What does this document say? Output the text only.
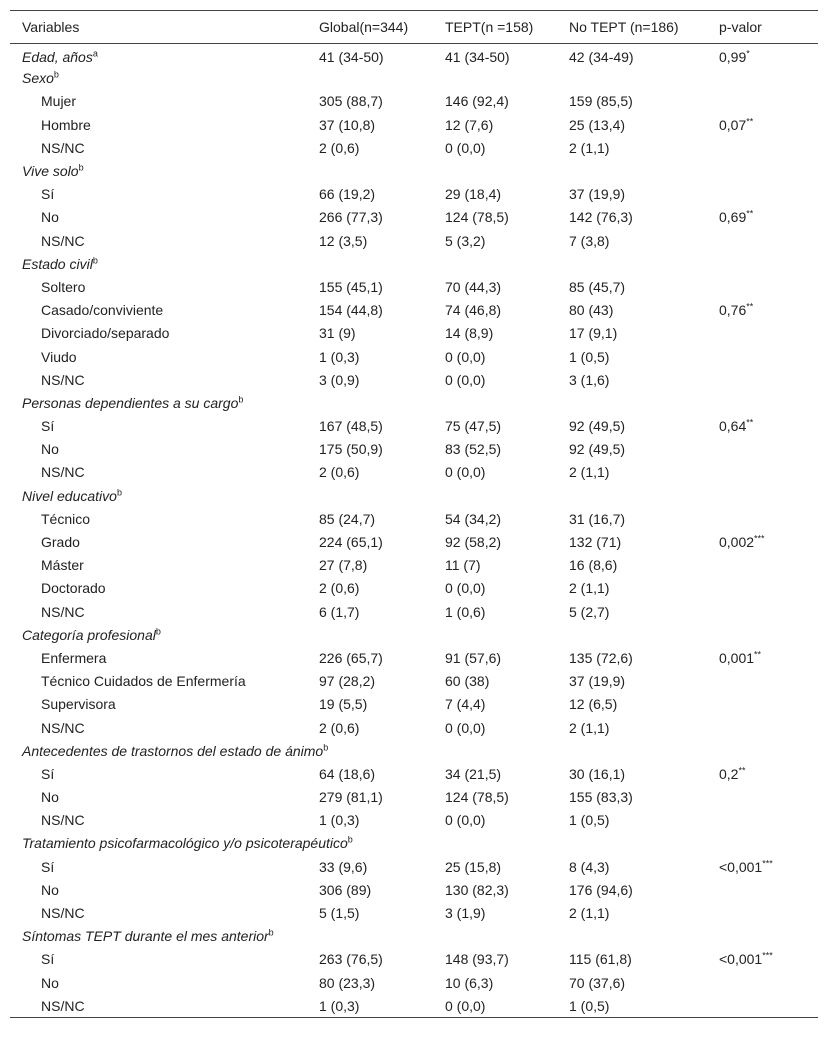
Variables	Global(n=344)	TEPT(n =158)	No TEPT (n=186)	p-valor
Edad, años$^a$	41 (34-50)	41 (34-50)	42 (34-49)	0,99*
Sexo$^b$				
Mujer	305 (88,7)	146 (92,4)	159 (85,5)	
Hombre	37 (10,8)	12 (7,6)	25 (13,4)	0,07**
NS/NC	2 (0,6)	0 (0,0)	2 (1,1)	
Vive solo$^b$				
Sí	66 (19,2)	29 (18,4)	37 (19,9)	
No	266 (77,3)	124 (78,5)	142 (76,3)	0,69**
NS/NC	12 (3,5)	5 (3,2)	7 (3,8)	
Estado civil$^b$				
Soltero	155 (45,1)	70 (44,3)	85 (45,7)	
Casado/conviviente	154 (44,8)	74 (46,8)	80 (43)	0,76**
Divorciado/separado	31 (9)	14 (8,9)	17 (9,1)	
Viudo	1 (0,3)	0 (0,0)	1 (0,5)	
NS/NC	3 (0,9)	0 (0,0)	3 (1,6)	
Personas dependientes a su cargo$^b$				
Sí	167 (48,5)	75 (47,5)	92 (49,5)	0,64**
No	175 (50,9)	83 (52,5)	92 (49,5)	
NS/NC	2 (0,6)	0 (0,0)	2 (1,1)	
Nivel educativo$^b$				
Técnico	85 (24,7)	54 (34,2)	31 (16,7)	
Grado	224 (65,1)	92 (58,2)	132 (71)	0,002***
Máster	27 (7,8)	11 (7)	16 (8,6)	
Doctorado	2 (0,6)	0 (0,0)	2 (1,1)	
NS/NC	6 (1,7)	1 (0,6)	5 (2,7)	
Categoría profesional$^b$				
Enfermera	226 (65,7)	91 (57,6)	135 (72,6)	0,001**
Técnico Cuidados de Enfermería	97 (28,2)	60 (38)	37 (19,9)	
Supervisora	19 (5,5)	7 (4,4)	12 (6,5)	
NS/NC	2 (0,6)	0 (0,0)	2 (1,1)	
Antecedentes de trastornos del estado de ánimo$^b$				
Sí	64 (18,6)	34 (21,5)	30 (16,1)	0,2**
No	279 (81,1)	124 (78,5)	155 (83,3)	
NS/NC	1 (0,3)	0 (0,0)	1 (0,5)	
Tratamiento psicofarmacológico y/o psicoterapéutico$^b$				
Sí	33 (9,6)	25 (15,8)	8 (4,3)	<0,001***
No	306 (89)	130 (82,3)	176 (94,6)	
NS/NC	5 (1,5)	3 (1,9)	2 (1,1)	
Síntomas TEPT durante el mes anterior$^b$				
Sí	263 (76,5)	148 (93,7)	115 (61,8)	<0,001***
No	80 (23,3)	10 (6,3)	70 (37,6)	
NS/NC	1 (0,3)	0 (0,0)	1 (0,5)	
